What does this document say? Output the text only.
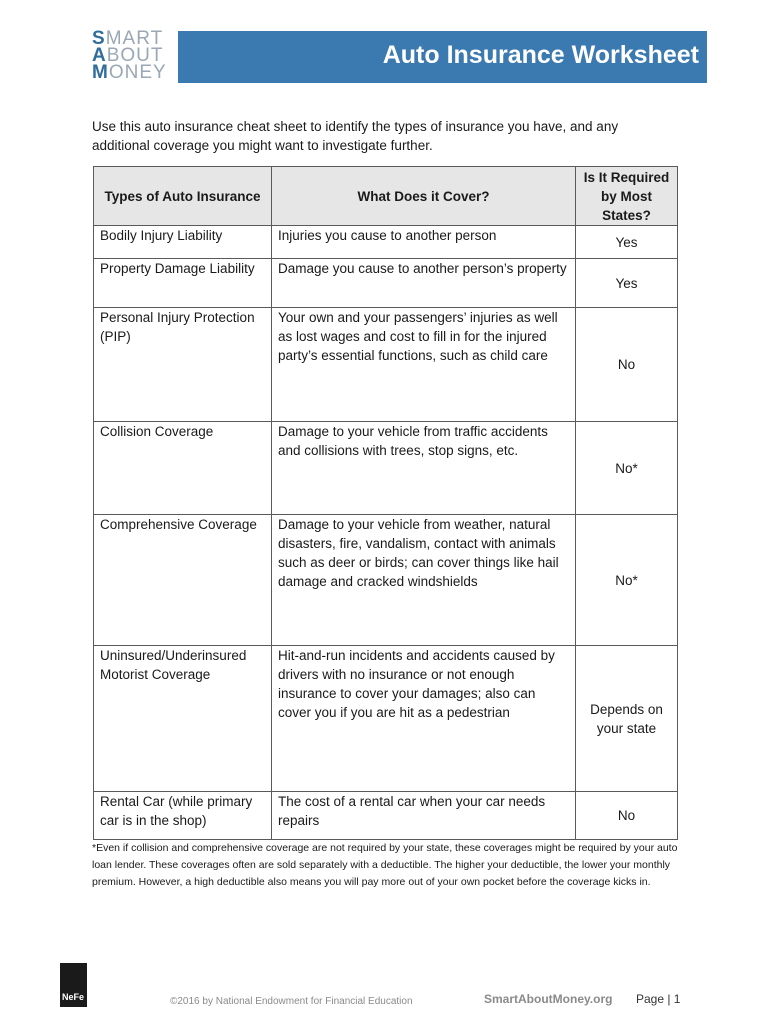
SMART
ABOUT
MONEY
Auto Insurance Worksheet
Use this auto insurance cheat sheet to identify the types of insurance you have, and any additional coverage you might want to investigate further.
Types of Auto Insurance	What Does it Cover?	Is It Required by Most States?
Bodily Injury Liability	Injuries you cause to another person	Yes
Property Damage Liability	Damage you cause to another person’s property	Yes
Personal Injury Protection (PIP)	Your own and your passengers’ injuries as well as lost wages and cost to fill in for the injured party’s essential functions, such as child care	No
Collision Coverage	Damage to your vehicle from traffic accidents and collisions with trees, stop signs, etc.	No*
Comprehensive Coverage	Damage to your vehicle from weather, natural disasters, fire, vandalism, contact with animals such as deer or birds; can cover things like hail damage and cracked windshields	No*
Uninsured/Underinsured Motorist Coverage	Hit-and-run incidents and accidents caused by drivers with no insurance or not enough insurance to cover your damages; also can cover you if you are hit as a pedestrian	Depends on your state
Rental Car (while primary car is in the shop)	The cost of a rental car when your car needs repairs	No
*Even if collision and comprehensive coverage are not required by your state, these coverages might be required by your auto loan lender. These coverages often are sold separately with a deductible. The higher your deductible, the lower your monthly premium. However, a high deductible also means you will pay more out of your own pocket before the coverage kicks in.
NeFe	©2016 by National Endowment for Financial Education	SmartAboutMoney.org Page | 1
